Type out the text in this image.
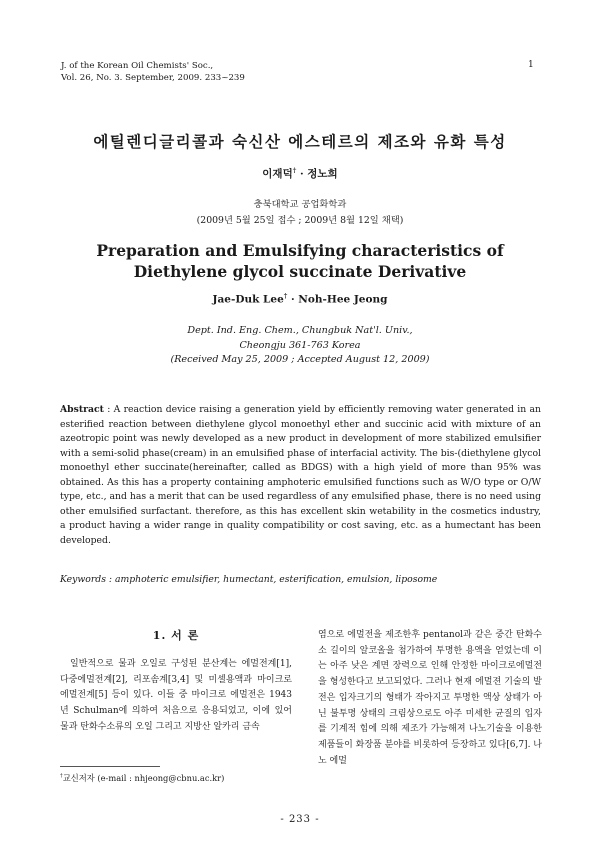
J. of the Korean Oil Chemists' Soc.,
Vol. 26, No. 3. September, 2009. 233~239
1
에틸렌디글리콜과 숙신산 에스테르의 제조와 유화 특성
이재덕† · 정노희
충북대학교 공업화학과
(2009년 5월 25일 접수 ; 2009년 8월 12일 채택)
Preparation and Emulsifying characteristics of
Diethylene glycol succinate Derivative
Jae-Duk Lee† · Noh-Hee Jeong
Dept. Ind. Eng. Chem., Chungbuk Nat'l. Univ.,
Cheongju 361-763 Korea
(Received May 25, 2009 ; Accepted August 12, 2009)
Abstract : A reaction device raising a generation yield by efficiently removing water generated in an esterified reaction between diethylene glycol monoethyl ether and succinic acid with mixture of an azeotropic point was newly developed as a new product in development of more stabilized emulsifier with a semi-solid phase(cream) in an emulsified phase of interfacial activity. The bis-(diethylene glycol monoethyl ether succinate(hereinafter, called as BDGS) with a high yield of more than 95% was obtained. As this has a property containing amphoteric emulsified functions such as W/O type or O/W type, etc., and has a merit that can be used regardless of any emulsified phase, there is no need using other emulsified surfactant. therefore, as this has excellent skin wetability in the cosmetics industry, a product having a wider range in quality compatibility or cost saving, etc. as a humectant has been developed.
Keywords : amphoteric emulsifier, humectant, esterification, emulsion, liposome
1. 서 론
일반적으로 물과 오일로 구성된 분산계는 에멀전계[1], 다중에멀전계[2], 리포솜계[3,4] 및 미셀용액과 마이크로 에멀전계[5] 등이 있다. 이들 중 마이크로 에멀전은 1943년 Schulman에 의하여 처음으로 응용되었고, 이에 있어 물과 탄화수소류의 오일 그리고 지방산 알카리 금속
염으로 에멀전을 제조한후 pentanol과 같은 중간 탄화수소 길이의 알코올을 첨가하여 투명한 용액을 얻었는데 이는 아주 낮은 계면 장력으로 인해 안정한 마이크로에멀전을 형성한다고 보고되었다. 그러나 현재 에멀젼 기술의 발전은 입자크기의 형태가 작아지고 투명한 액상 상태가 아닌 불투명 상태의 크림상으로도 아주 미세한 균질의 입자를 기계적 힘에 의해 제조가 가능해져 나노기술을 이용한 제품들이 화장품 분야를 비롯하여 등장하고 있다[6,7]. 나노 에멀
†교신저자 (e-mail : nhjeong@cbnu.ac.kr)
- 233 -
